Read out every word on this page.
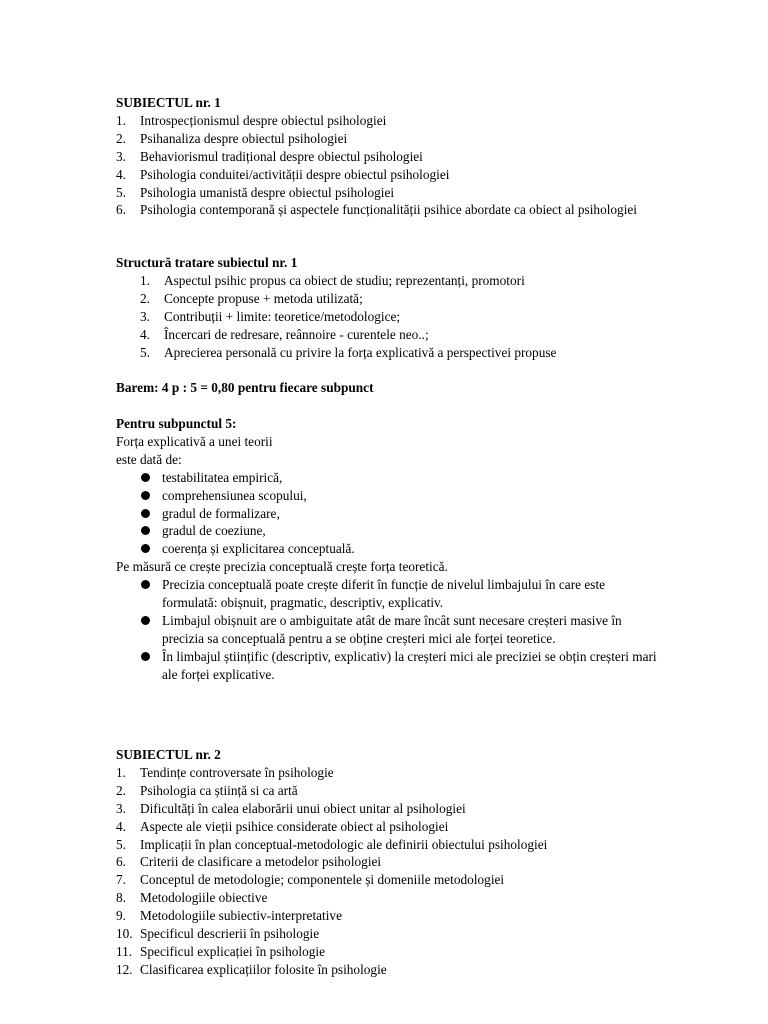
SUBIECTUL nr. 1
1. Introspecționismul despre obiectul psihologiei
2. Psihanaliza despre obiectul psihologiei
3. Behaviorismul tradițional despre obiectul psihologiei
4. Psihologia conduitei/activității despre obiectul psihologiei
5. Psihologia umanistă despre obiectul psihologiei
6. Psihologia contemporană și aspectele funcționalității psihice abordate ca obiect al psihologiei
Structură tratare subiectul nr. 1
1. Aspectul psihic propus ca obiect de studiu; reprezentanți, promotori
2. Concepte propuse + metoda utilizată;
3. Contribuții + limite: teoretice/metodologice;
4. Încercari de redresare, reânnoire - curentele neo..;
5. Aprecierea personală cu privire la forța explicativă a perspectivei propuse
Barem: 4 p : 5 = 0,80 pentru fiecare subpunct
Pentru subpunctul 5:
Forța explicativă a unei teorii
este dată de:
testabilitatea empirică,
comprehensiunea scopului,
gradul de formalizare,
gradul de coeziune,
coerența și explicitarea conceptuală.
Pe măsură ce crește precizia conceptuală crește forța teoretică.
Precizia conceptuală poate crește diferit în funcție de nivelul limbajului în care este formulată: obișnuit, pragmatic, descriptiv, explicativ.
Limbajul obișnuit are o ambiguitate atât de mare încât sunt necesare creșteri masive în precizia sa conceptuală pentru a se obține creșteri mici ale forței teoretice.
În limbajul științific (descriptiv, explicativ) la creșteri mici ale preciziei se obțin creșteri mari ale forței explicative.
SUBIECTUL nr. 2
1. Tendințe controversate în psihologie
2. Psihologia ca știință si ca artă
3. Dificultăți în calea elaborării unui obiect unitar al psihologiei
4. Aspecte ale vieții psihice considerate obiect al psihologiei
5. Implicații în plan conceptual-metodologic ale definirii obiectului psihologiei
6. Criterii de clasificare a metodelor psihologiei
7. Conceptul de metodologie; componentele și domeniile metodologiei
8. Metodologiile obiective
9. Metodologiile subiectiv-interpretative
10. Specificul descrierii în psihologie
11. Specificul explicației în psihologie
12. Clasificarea explicațiilor folosite în psihologie
